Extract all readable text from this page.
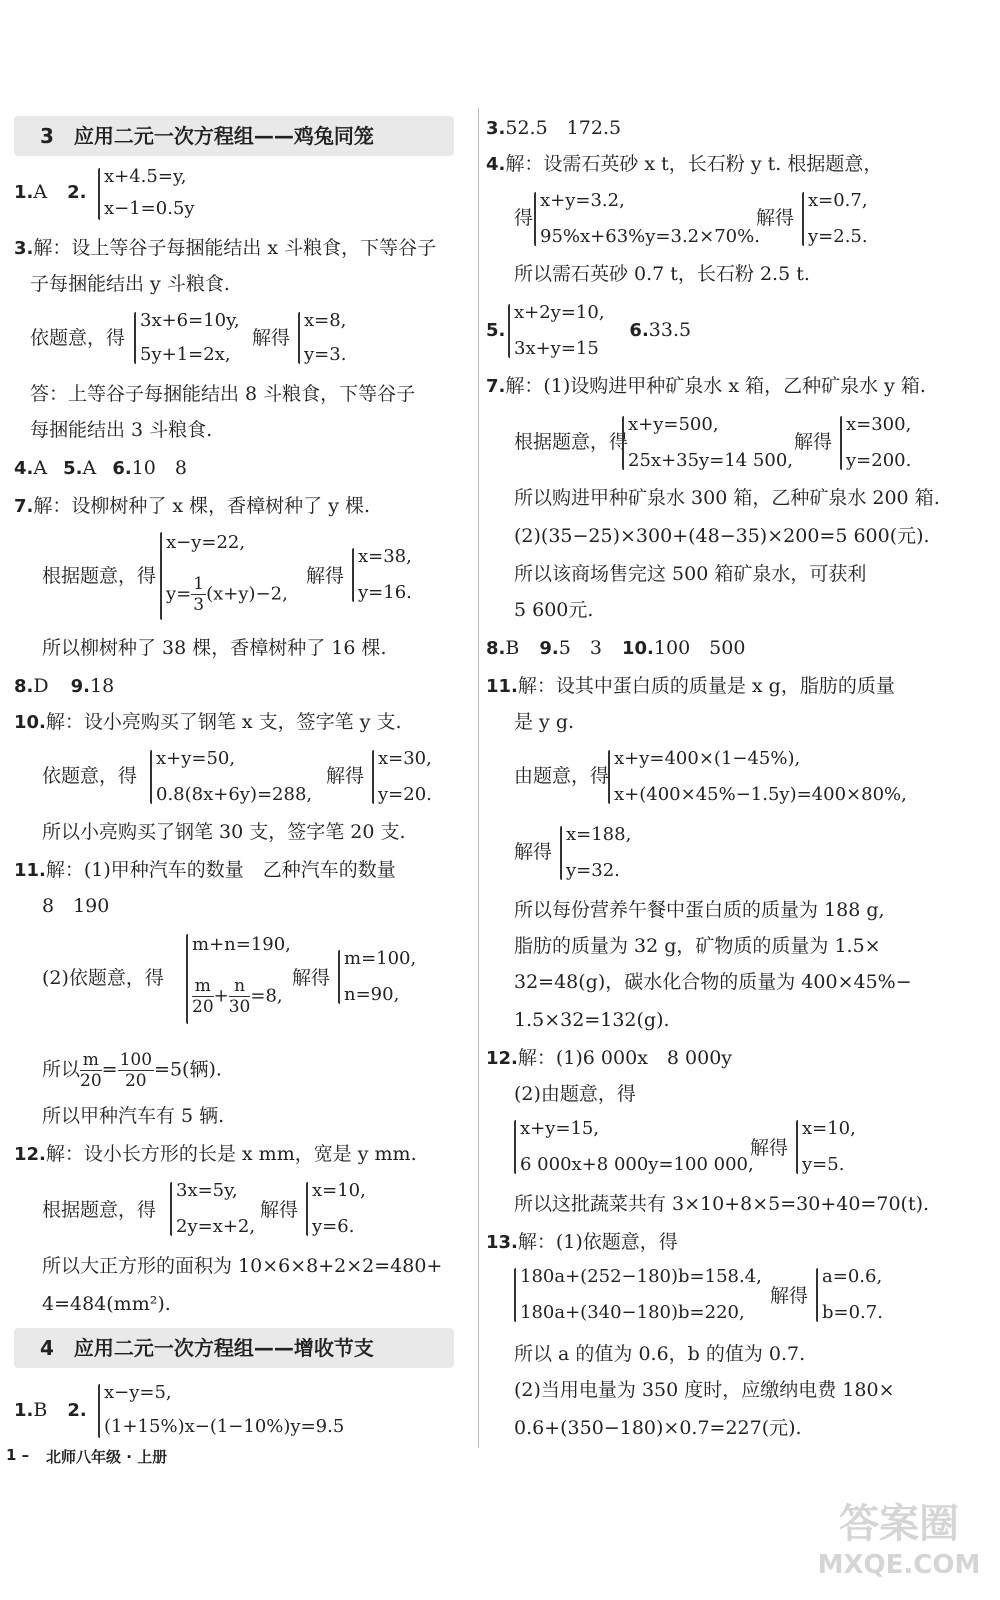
3　应用二元一次方程组——鸡兔同笼
1.A 2.
x+4.5=y,
x−1=0.5y
3.解：设上等谷子每捆能结出 x 斗粮食，下等谷子
子每捆能结出 y 斗粮食.
依题意，得
3x+6=10y,
5y+1=2x,
解得
x=8,
y=3.
答：上等谷子每捆能结出 8 斗粮食，下等谷子
每捆能结出 3 斗粮食.
4.A 5.A 6.10　8
7.解：设柳树种了 x 棵，香樟树种了 y 棵.
根据题意，得
x−y=22,
$y= \frac{1}{3} (x+y)-2$,
解得
x=38,
y=16.
所以柳树种了 38 棵，香樟树种了 16 棵.
8.D 9.18
10.解：设小亮购买了钢笔 x 支，签字笔 y 支.
依题意，得
x+y=50,
0.8(8x+6y)=288,
解得
x=30,
y=20.
所以小亮购买了钢笔 30 支，签字笔 20 支.
11.解：(1)甲种汽车的数量　乙种汽车的数量
8　190
(2)依题意，得
m+n=190,
$\frac{m}{20} + \frac{n}{30} =8$,
解得
m=100,
n=90,
所以 $\frac{m}{20} = \frac{100}{20} =5$(辆).
所以甲种汽车有 5 辆.
12.解：设小长方形的长是 x mm，宽是 y mm.
根据题意，得
3x=5y,
2y=x+2,
解得
x=10,
y=6.
所以大正方形的面积为 10×6×8+2×2=480+
4=484(mm²).
4　应用二元一次方程组——增收节支
1.B 2.
x−y=5,
(1+15%)x−(1−10%)y=9.5
3.52.5　172.5
4.解：设需石英砂 x t，长石粉 y t. 根据题意，
得
x+y=3.2,
95%x+63%y=3.2×70%.
解得
x=0.7,
y=2.5.
所以需石英砂 0.7 t，长石粉 2.5 t.
5.	6.33.5
x+2y=10,
3x+y=15
7.解：(1)设购进甲种矿泉水 x 箱，乙种矿泉水 y 箱.
根据题意，得
x+y=500,
25x+35y=14 500,
解得
x=300,
y=200.
所以购进甲种矿泉水 300 箱，乙种矿泉水 200 箱.
(2)(35−25)×300+(48−35)×200=5 600(元).
所以该商场售完这 500 箱矿泉水，可获利
5 600元.
8.B 9.5　3 10.100　500
11.解：设其中蛋白质的质量是 x g，脂肪的质量
是 y g.
由题意，得
x+y=400×(1−45%),
x+(400×45%−1.5y)=400×80%,
解得
x=188,
y=32.
所以每份营养午餐中蛋白质的质量为 188 g,
脂肪的质量为 32 g，矿物质的质量为 1.5×
32=48(g)，碳水化合物的质量为 400×45%−
1.5×32=132(g).
12.解：(1)6 000x　8 000y
(2)由题意，得
x+y=15,
6 000x+8 000y=100 000,
解得
x=10,
y=5.
所以这批蔬菜共有 3×10+8×5=30+40=70(t).
13.解：(1)依题意，得
180a+(252−180)b=158.4,
180a+(340−180)b=220,
解得
a=0.6,
b=0.7.
所以 a 的值为 0.6，b 的值为 0.7.
(2)当用电量为 350 度时，应缴纳电费 180×
0.6+(350−180)×0.7=227(元).
1 – 北师八年级 · 上册
答案圈
MXQE.COM
